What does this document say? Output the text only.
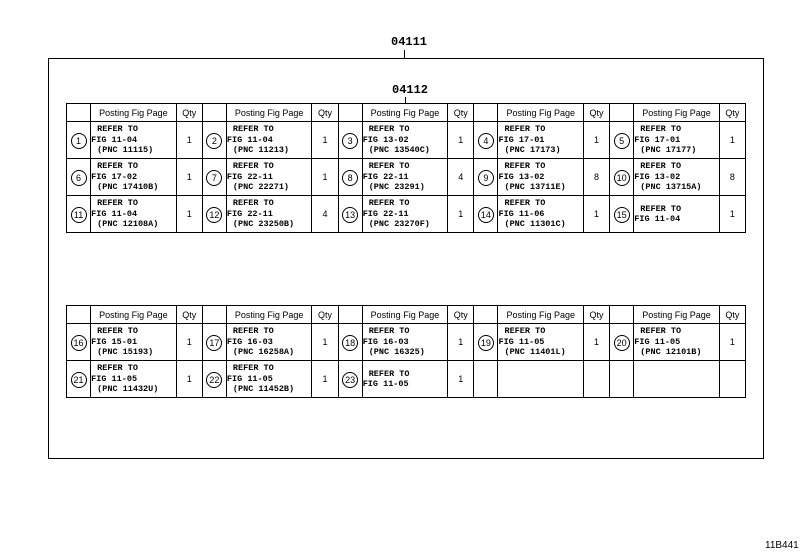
04111
04112
	Posting Fig Page	Qty		Posting Fig Page	Qty		Posting Fig Page	Qty		Posting Fig Page	Qty		Posting Fig Page	Qty
1	REFER TO
FIG 11-04
(PNC 11115)	1	2	REFER TO
FIG 11-04
(PNC 11213)	1	3	REFER TO
FIG 13-02
(PNC 13540C)	1	4	REFER TO
FIG 17-01
(PNC 17173)	1	5	REFER TO
FIG 17-01
(PNC 17177)	1
6	REFER TO
FIG 17-02
(PNC 17410B)	1	7	REFER TO
FIG 22-11
(PNC 22271)	1	8	REFER TO
FIG 22-11
(PNC 23291)	4	9	REFER TO
FIG 13-02
(PNC 13711E)	8	10	REFER TO
FIG 13-02
(PNC 13715A)	8
11	REFER TO
FIG 11-04
(PNC 12108A)	1	12	REFER TO
FIG 22-11
(PNC 23250B)	4	13	REFER TO
FIG 22-11
(PNC 23270F)	1	14	REFER TO
FIG 11-06
(PNC 11301C)	1	15	REFER TO
FIG 11-04	1
	Posting Fig Page	Qty		Posting Fig Page	Qty		Posting Fig Page	Qty		Posting Fig Page	Qty		Posting Fig Page	Qty
16	REFER TO
FIG 15-01
(PNC 15193)	1	17	REFER TO
FIG 16-03
(PNC 16258A)	1	18	REFER TO
FIG 16-03
(PNC 16325)	1	19	REFER TO
FIG 11-05
(PNC 11401L)	1	20	REFER TO
FIG 11-05
(PNC 12101B)	1
21	REFER TO
FIG 11-05
(PNC 11432U)	1	22	REFER TO
FIG 11-05
(PNC 11452B)	1	23	REFER TO
FIG 11-05	1						
11B441
